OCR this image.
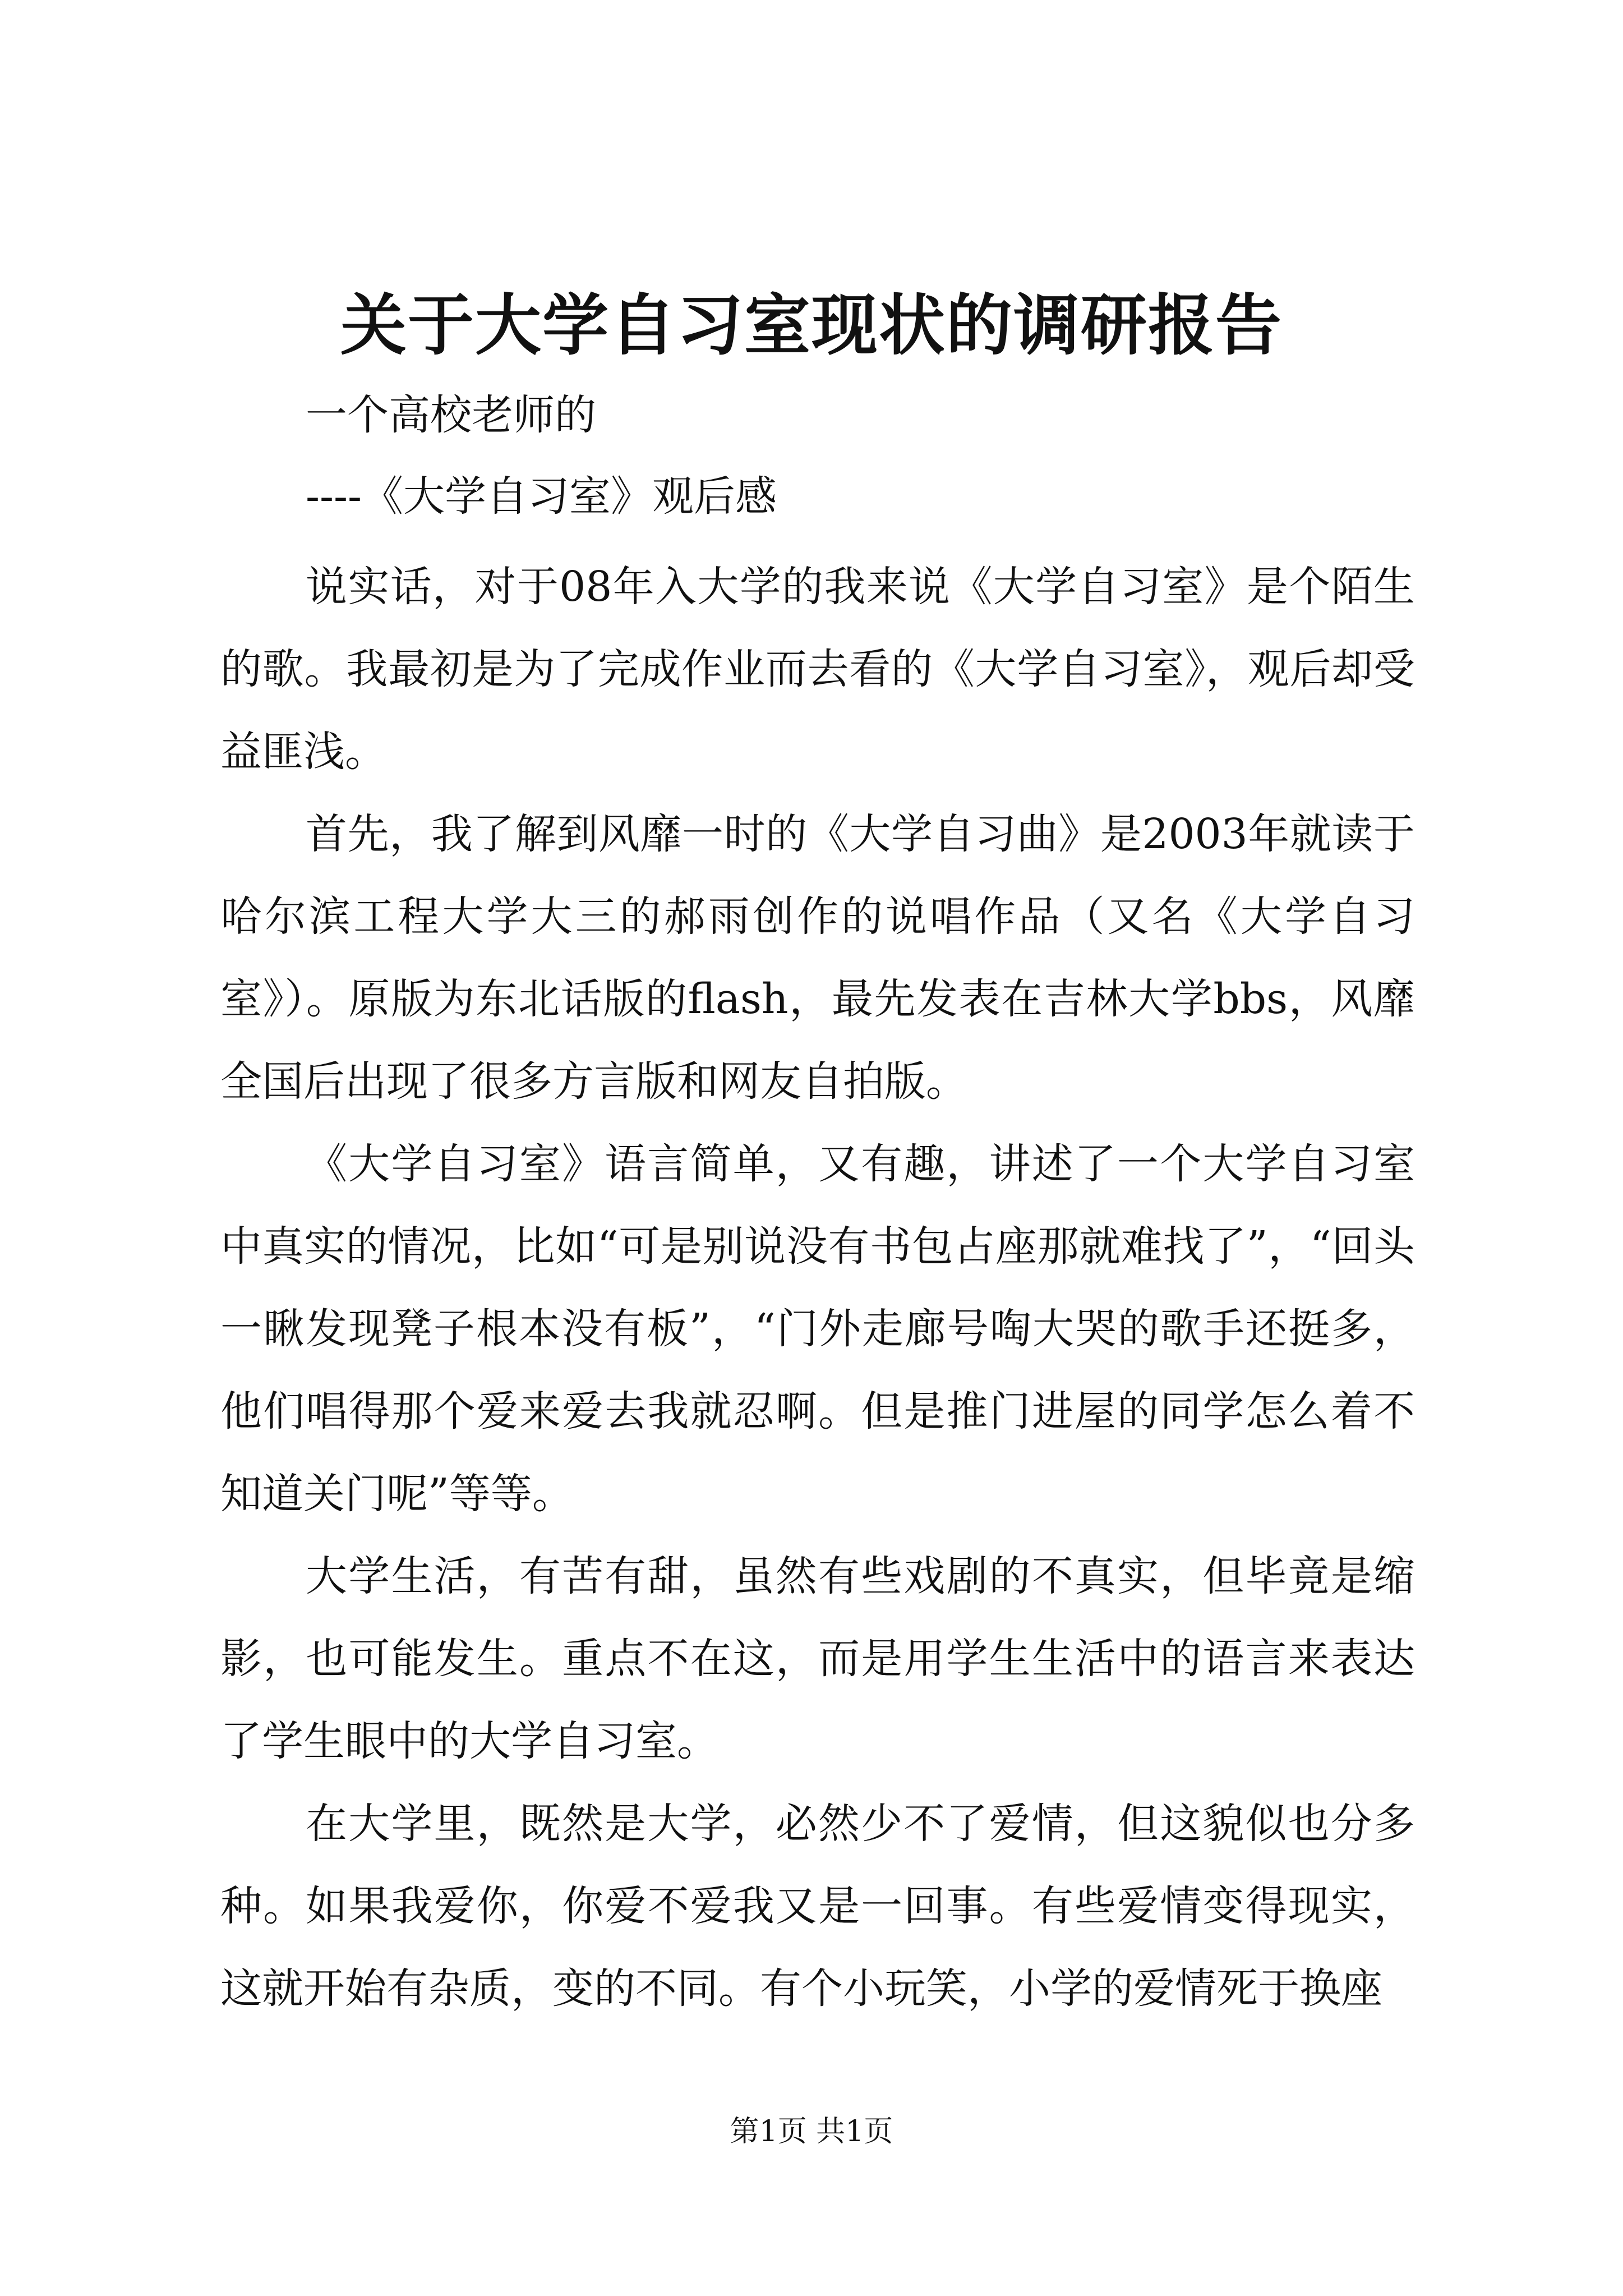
关于大学自习室现状的调研报告
一个高校老师的
----《大学自习室》观后感

说实话，对于08年入大学的我来说《大学自习室》是个陌生的歌。我最初是为了完成作业而去看的《大学自习室》，观后却受益匪浅。

首先，我了解到风靡一时的《大学自习曲》是2003年就读于哈尔滨工程大学大三的郝雨创作的说唱作品（又名《大学自习室》）。原版为东北话版的flash，最先发表在吉林大学bbs，风靡全国后出现了很多方言版和网友自拍版。

《大学自习室》语言简单，又有趣，讲述了一个大学自习室中真实的情况，比如“可是别说没有书包占座那就难找了”，“回头一瞅发现凳子根本没有板”，“门外走廊号啕大哭的歌手还挺多，他们唱得那个爱来爱去我就忍啊。但是推门进屋的同学怎么着不知道关门呢”等等。

大学生活，有苦有甜，虽然有些戏剧的不真实，但毕竟是缩影，也可能发生。重点不在这，而是用学生生活中的语言来表达了学生眼中的大学自习室。

在大学里，既然是大学，必然少不了爱情，但这貌似也分多种。如果我爱你，你爱不爱我又是一回事。有些爱情变得现实，这就开始有杂质，变的不同。有个小玩笑，小学的爱情死于换座

第1页 共1页
